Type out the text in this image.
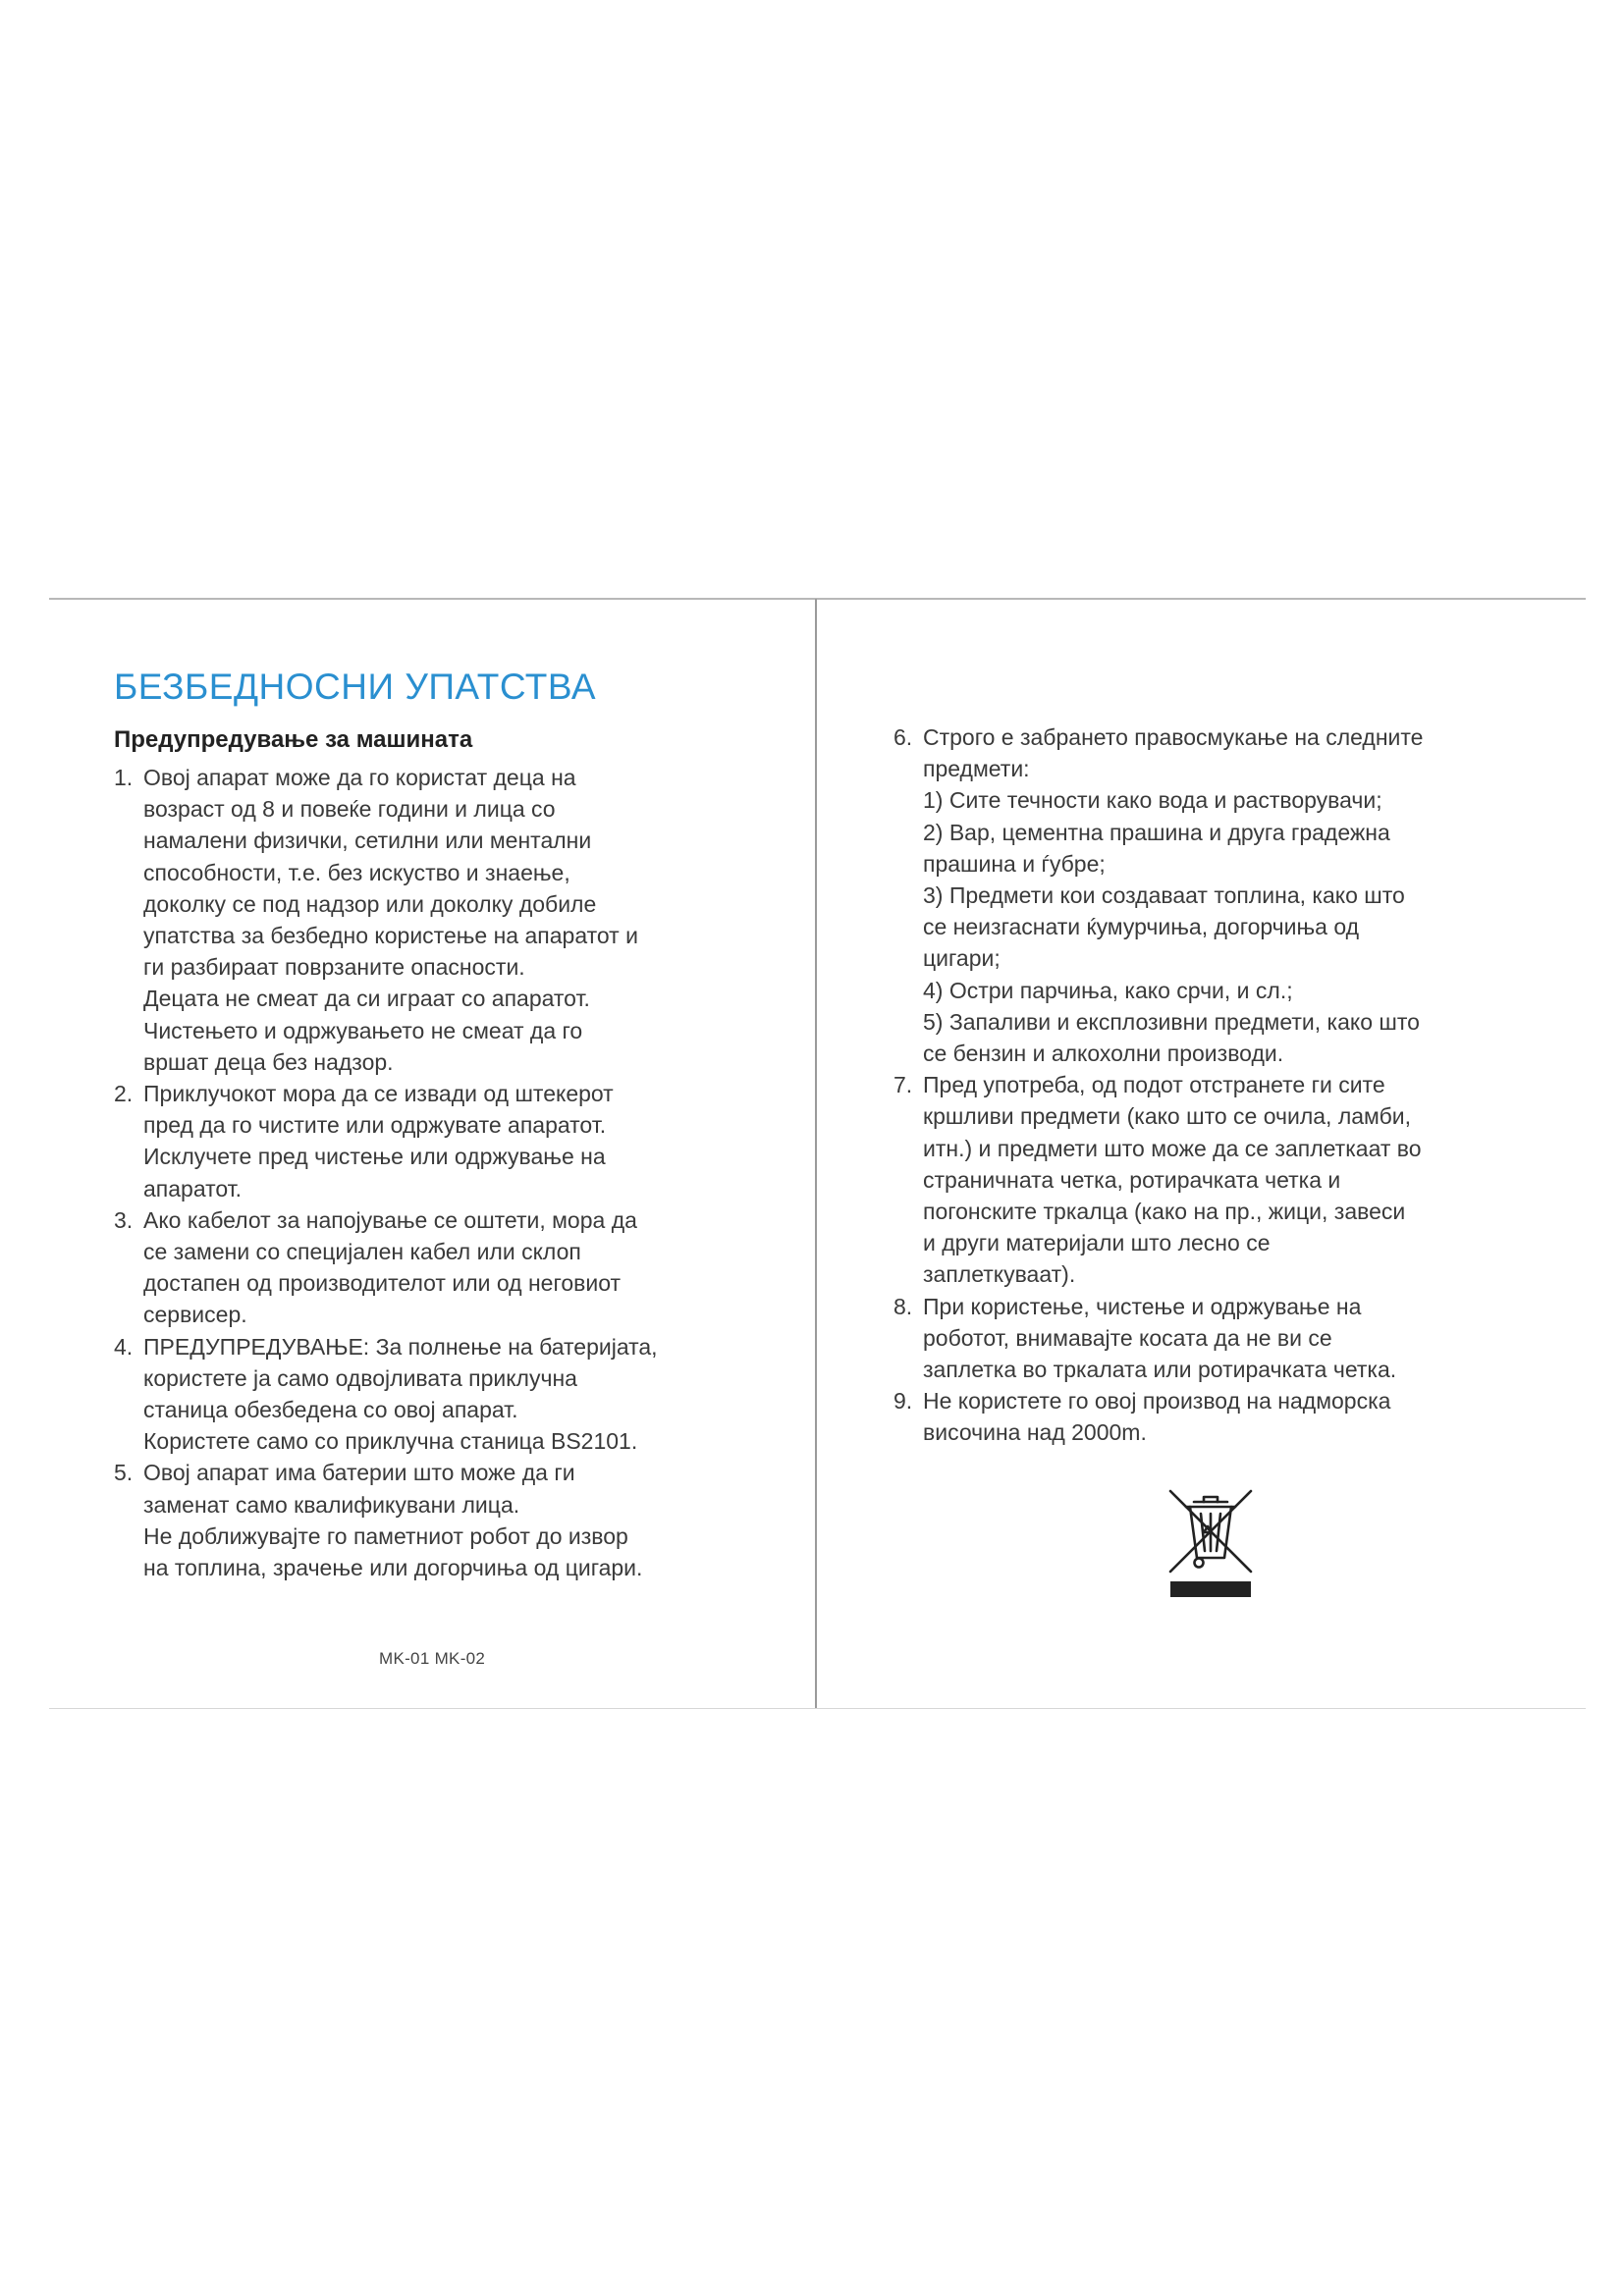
БЕЗБЕДНОСНИ УПАТСТВА
Предупредување за машината
1. Овој апарат може да го користат деца на
возраст од 8 и повеќе години и лица со
намалени физички, сетилни или ментални
способности, т.е. без искуство и знаење,
доколку се под надзор или доколку добиле
упатства за безбедно користење на апаратот и
ги разбираат поврзаните опасности.
Децата не смеат да си играат со апаратот.
Чистењето и одржувањето не смеат да го
вршат деца без надзор.
2. Приклучокот мора да се извади од штекерот
пред да го чистите или одржувате апаратот.
Исклучете пред чистење или одржување на
апаратот.
3. Ако кабелот за напојување се оштети, мора да
се замени со специјален кабел или склоп
достапен од производителот или од неговиот
сервисер.
4. ПРЕДУПРЕДУВАЊЕ: За полнење на батеријата,
користете ја само одвојливата приклучна
станица обезбедена со овој апарат.
Користете само со приклучна станица BS2101.
5. Овој апарат има батерии што може да ги
заменат само квалификувани лица.
Не доближувајте го паметниот робот до извор
на топлина, зрачење или догорчиња од цигари.
6. Строго е забрането правосмукање на следните
предмети:
1) Сите течности како вода и растворувачи;
2) Вар, цементна прашина и друга градежна
прашина и ѓубре;
3) Предмети кои создаваат топлина, како што
се неизгаснати ќумурчиња, догорчиња од
цигари;
4) Остри парчиња, како срчи, и сл.;
5) Запаливи и експлозивни предмети, како што
се бензин и алкохолни производи.
7. Пред употреба, од подот отстранете ги сите
кршливи предмети (како што се очила, ламби,
итн.) и предмети што може да се заплеткаат во
страничната четка, ротирачката четка и
погонските тркалца (како на пр., жици, завеси
и други материјали што лесно се
заплеткуваат).
8. При користење, чистење и одржување на
роботот, внимавајте косата да не ви се
заплетка во тркалата или ротирачката четка.
9. Не користете го овој производ на надморска
височина над 2000m.
MK-01 MK-02
